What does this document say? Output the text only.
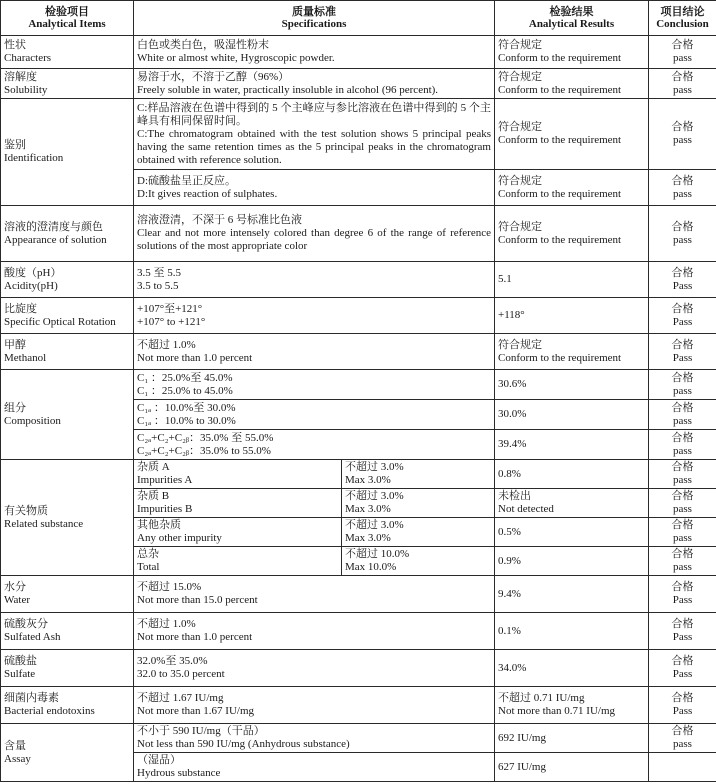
检验项目
Analytical Items	质量标准
Specifications		检验结果
Analytical Results	项目结论
Conclusion

性状
Characters	白色或类白色，吸湿性粉末
White or almost white, Hygroscopic powder.		符合规定
Conform to the requirement	合格
pass

溶解度
Solubility	易溶于水，不溶于乙醇（96%）
Freely soluble in water, practically insoluble in alcohol (96 percent).		符合规定
Conform to the requirement	合格
pass

鉴别
Identification	C:样品溶液在色谱中得到的 5 个主峰应与参比溶液在色谱中得到的 5 个主峰具有相同保留时间。
C:The chromatogram obtained with the test solution shows 5 principal peaks having the same retention times as the 5 principal peaks in the chromatogram obtained with reference solution.		符合规定
Conform to the requirement	合格
pass

	D:硫酸盐呈正反应。
D:It gives reaction of sulphates.		符合规定
Conform to the requirement	合格
pass

溶液的澄清度与颜色
Appearance of solution	溶液澄清，不深于 6 号标准比色液
Clear and not more intensely colored than degree 6 of the range of reference solutions of the most appropriate color		符合规定
Conform to the requirement	合格
pass

酸度（pH）
Acidity(pH)	3.5 至 5.5
3.5 to 5.5		5.1	合格
Pass

比旋度
Specific Optical Rotation	+107°至+121°
+107° to +121°		+118°	合格
Pass

甲醇
Methanol	不超过 1.0%
Not more than 1.0 percent		符合规定
Conform to the requirement	合格
Pass

组分
Composition	C₁ ：25.0%至 45.0%
C₁ ：25.0% to 45.0%		30.6%	合格
pass

	C₁ₐ ：10.0%至 30.0%
C₁ₐ ：10.0% to 30.0%		30.0%	合格
pass

	C₂ₐ+C₂+C₂ᵦ：35.0% 至 55.0%
C₂ₐ+C₂+C₂ᵦ：35.0% to 55.0%		39.4%	合格
pass

有关物质
Related substance	杂质 A
Impurities A	不超过 3.0%
Max 3.0%	0.8%	合格
pass

	杂质 B
Impurities B	不超过 3.0%
Max 3.0%	未检出
Not detected	合格
pass

	其他杂质
Any other impurity	不超过 3.0%
Max 3.0%	0.5%	合格
pass

	总杂
Total	不超过 10.0%
Max 10.0%	0.9%	合格
pass

水分
Water	不超过 15.0%
Not more than 15.0 percent		9.4%	合格
Pass

硫酸灰分
Sulfated Ash	不超过 1.0%
Not more than 1.0 percent		0.1%	合格
Pass

硫酸盐
Sulfate	32.0%至 35.0%
32.0 to 35.0 percent		34.0%	合格
Pass

细菌内毒素
Bacterial endotoxins	不超过 1.67 IU/mg
Not more than 1.67 IU/mg		不超过 0.71 IU/mg
Not more than 0.71 IU/mg	合格
Pass

含量
Assay	不小于 590 IU/mg（干品）
Not less than 590 IU/mg (Anhydrous substance)		692 IU/mg	合格
pass

	（湿品）
Hydrous substance		627 IU/mg	
